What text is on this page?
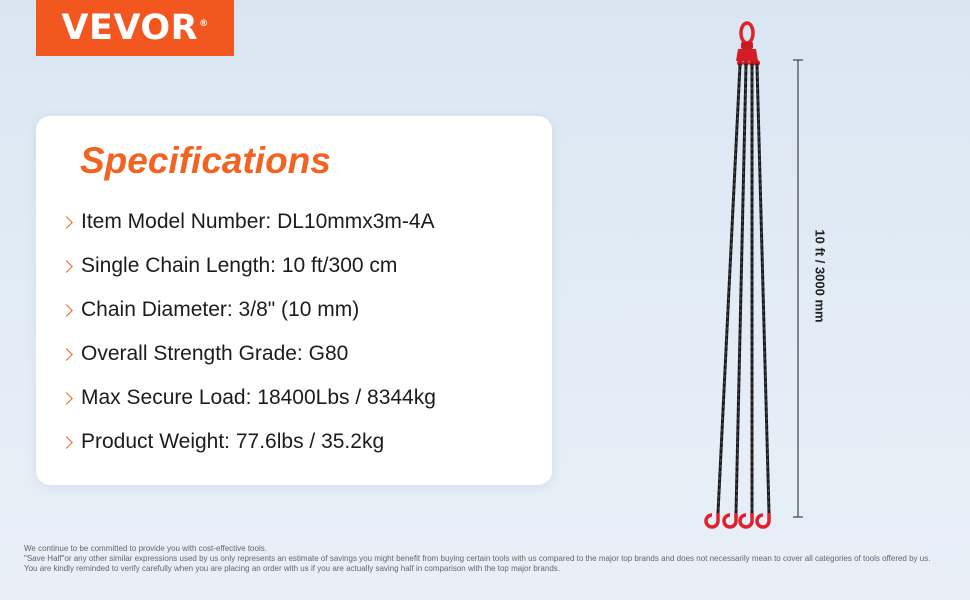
VEVOR®
Specifications
Item Model Number: DL10mmx3m-4A
Single Chain Length: 10 ft/300 cm
Chain Diameter: 3/8" (10 mm)
Overall Strength Grade: G80
Max Secure Load: 18400Lbs / 8344kg
Product Weight: 77.6lbs / 35.2kg
10 ft / 3000 mm

We continue to be committed to provide you with cost-effective tools.

"Save Half"or any other similar expressions used by us only represents an estimate of savings you might benefit from buying certain tools with us compared to the major top brands and does not necessarily mean to cover all categories of tools offered by us.

You are kindly reminded to verify carefully when you are placing an order with us if you are actually saving half in comparison with the top major brands.
